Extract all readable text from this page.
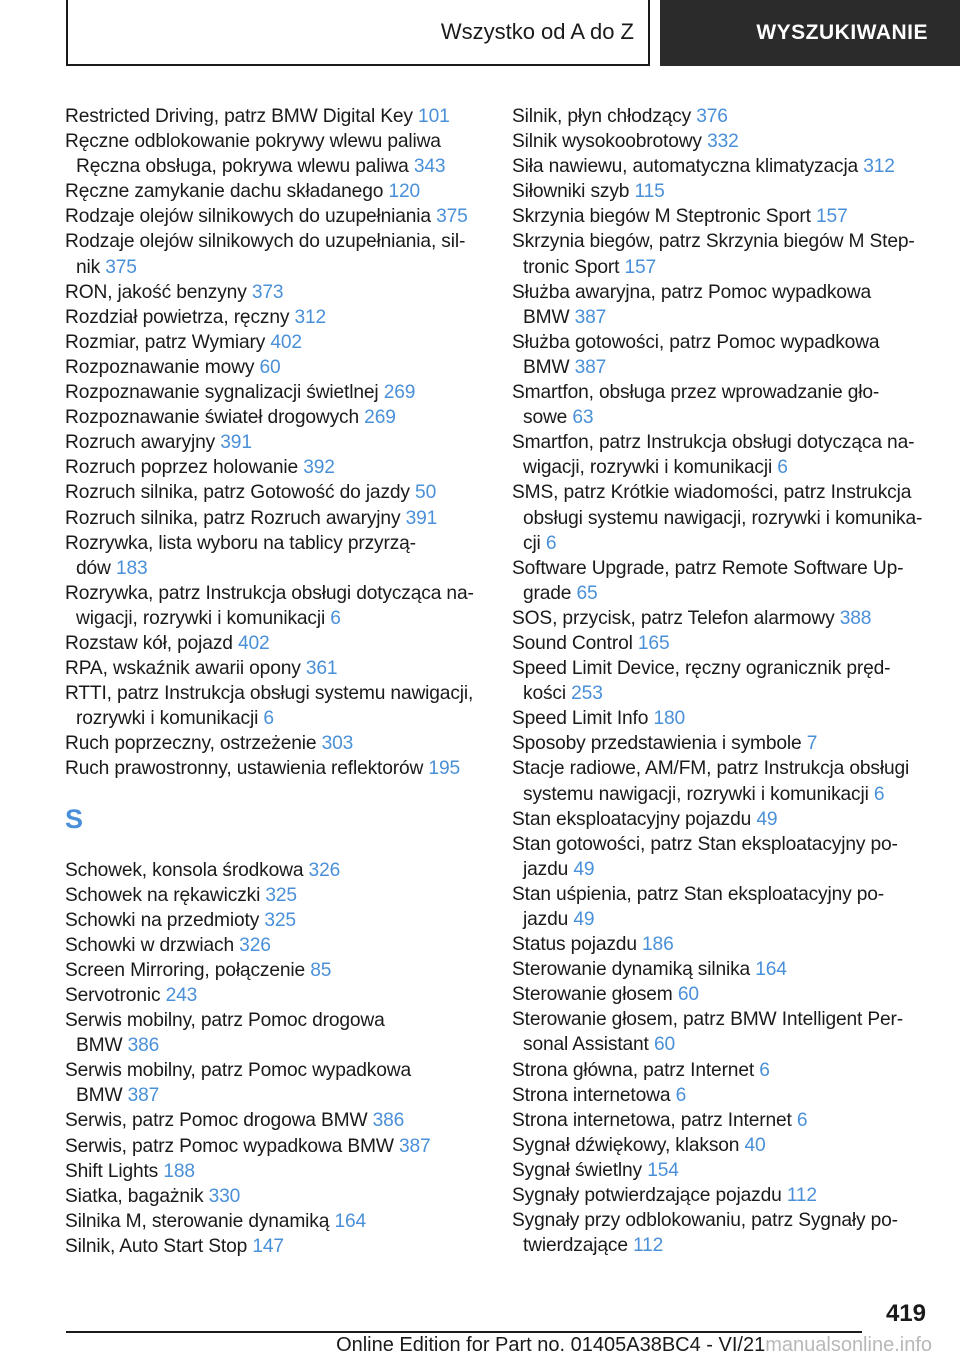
Wszystko od A do Z	WYSZUKIWANIE
Restricted Driving, patrz BMW Digital Key 101
Ręczne odblokowanie pokrywy wlewu paliwa
Ręczna obsługa, pokrywa wlewu paliwa 343
Ręczne zamykanie dachu składanego 120
Rodzaje olejów silnikowych do uzupełniania 375
Rodzaje olejów silnikowych do uzupełniania, sil-
nik 375
RON, jakość benzyny 373
Rozdział powietrza, ręczny 312
Rozmiar, patrz Wymiary 402
Rozpoznawanie mowy 60
Rozpoznawanie sygnalizacji świetlnej 269
Rozpoznawanie świateł drogowych 269
Rozruch awaryjny 391
Rozruch poprzez holowanie 392
Rozruch silnika, patrz Gotowość do jazdy 50
Rozruch silnika, patrz Rozruch awaryjny 391
Rozrywka, lista wyboru na tablicy przyrzą-
dów 183
Rozrywka, patrz Instrukcja obsługi dotycząca na-
wigacji, rozrywki i komunikacji 6
Rozstaw kół, pojazd 402
RPA, wskaźnik awarii opony 361
RTTI, patrz Instrukcja obsługi systemu nawigacji,
rozrywki i komunikacji 6
Ruch poprzeczny, ostrzeżenie 303
Ruch prawostronny, ustawienia reflektorów 195
S
Schowek, konsola środkowa 326
Schowek na rękawiczki 325
Schowki na przedmioty 325
Schowki w drzwiach 326
Screen Mirroring, połączenie 85
Servotronic 243
Serwis mobilny, patrz Pomoc drogowa
BMW 386
Serwis mobilny, patrz Pomoc wypadkowa
BMW 387
Serwis, patrz Pomoc drogowa BMW 386
Serwis, patrz Pomoc wypadkowa BMW 387
Shift Lights 188
Siatka, bagażnik 330
Silnika M, sterowanie dynamiką 164
Silnik, Auto Start Stop 147
Silnik, płyn chłodzący 376
Silnik wysokoobrotowy 332
Siła nawiewu, automatyczna klimatyzacja 312
Siłowniki szyb 115
Skrzynia biegów M Steptronic Sport 157
Skrzynia biegów, patrz Skrzynia biegów M Step-
tronic Sport 157
Służba awaryjna, patrz Pomoc wypadkowa
BMW 387
Służba gotowości, patrz Pomoc wypadkowa
BMW 387
Smartfon, obsługa przez wprowadzanie gło-
sowe 63
Smartfon, patrz Instrukcja obsługi dotycząca na-
wigacji, rozrywki i komunikacji 6
SMS, patrz Krótkie wiadomości, patrz Instrukcja
obsługi systemu nawigacji, rozrywki i komunika-
cji 6
Software Upgrade, patrz Remote Software Up-
grade 65
SOS, przycisk, patrz Telefon alarmowy 388
Sound Control 165
Speed Limit Device, ręczny ogranicznik pręd-
kości 253
Speed Limit Info 180
Sposoby przedstawienia i symbole 7
Stacje radiowe, AM/FM, patrz Instrukcja obsługi
systemu nawigacji, rozrywki i komunikacji 6
Stan eksploatacyjny pojazdu 49
Stan gotowości, patrz Stan eksploatacyjny po-
jazdu 49
Stan uśpienia, patrz Stan eksploatacyjny po-
jazdu 49
Status pojazdu 186
Sterowanie dynamiką silnika 164
Sterowanie głosem 60
Sterowanie głosem, patrz BMW Intelligent Per-
sonal Assistant 60
Strona główna, patrz Internet 6
Strona internetowa 6
Strona internetowa, patrz Internet 6
Sygnał dźwiękowy, klakson 40
Sygnał świetlny 154
Sygnały potwierdzające pojazdu 112
Sygnały przy odblokowaniu, patrz Sygnały po-
twierdzające 112
419
Online Edition for Part no. 01405A38BC4 - VI/21manualsonline.info
